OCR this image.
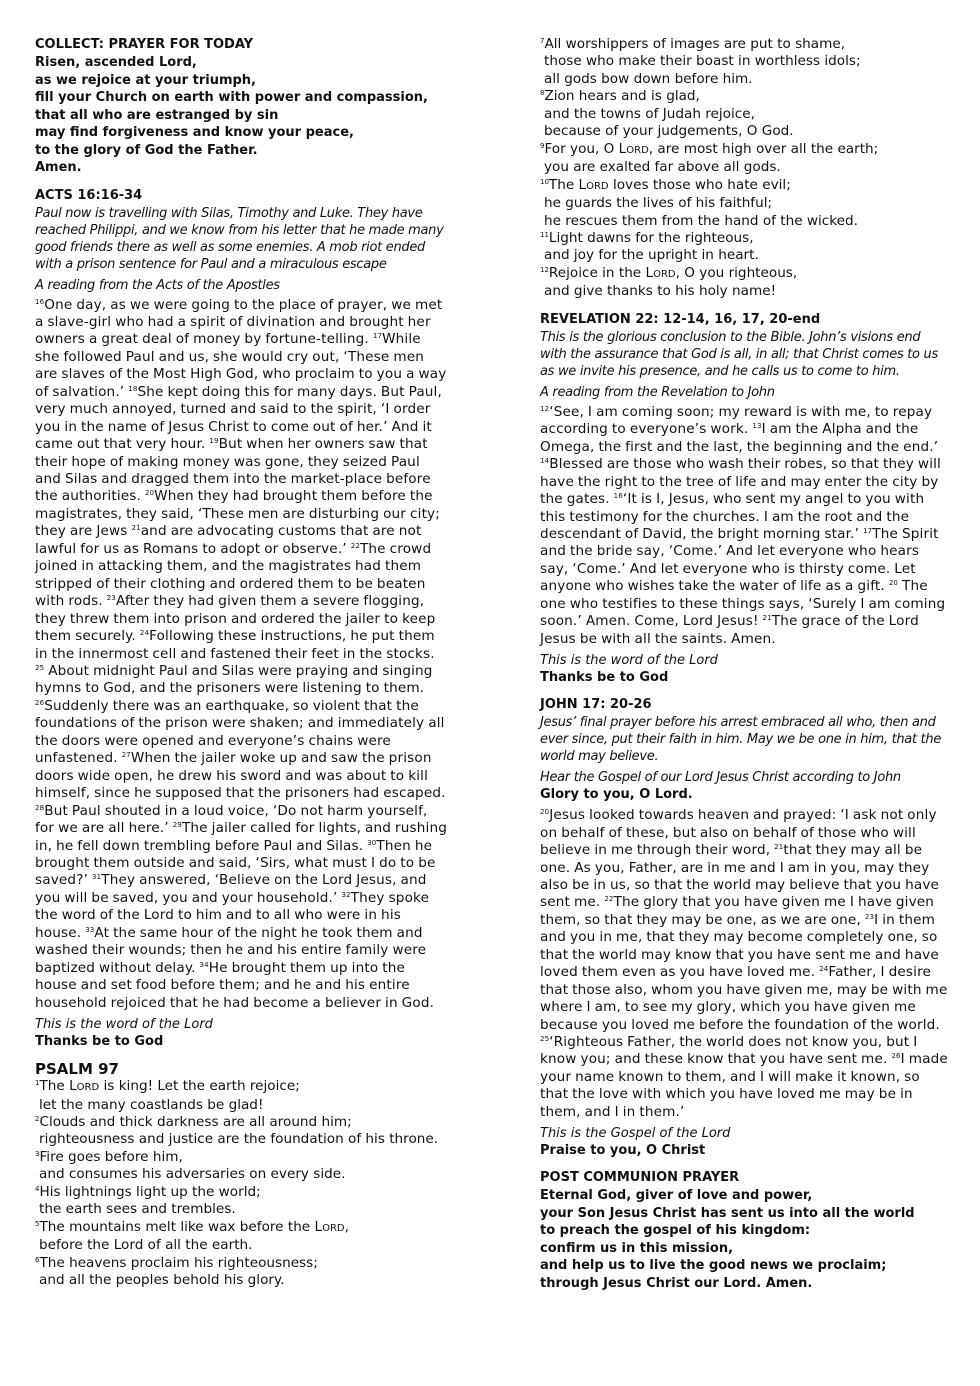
COLLECT: PRAYER FOR TODAY
Risen, ascended Lord,
as we rejoice at your triumph,
fill your Church on earth with power and compassion,
that all who are estranged by sin
may find forgiveness and know your peace,
to the glory of God the Father.
Amen.
ACTS 16:16-34

Paul now is travelling with Silas, Timothy and Luke. They have reached Philippi, and we know from his letter that he made many good friends there as well as some enemies. A mob riot ended with a prison sentence for Paul and a miraculous escape

A reading from the Acts of the Apostles

$^{16}$One day, as we were going to the place of prayer, we met a slave-girl who had a spirit of divination and brought her owners a great deal of money by fortune-telling. $^{17}$While she followed Paul and us, she would cry out, ‘These men are slaves of the Most High God, who proclaim to you a way of salvation.’ $^{18}$She kept doing this for many days. But Paul, very much annoyed, turned and said to the spirit, ‘I order you in the name of Jesus Christ to come out of her.’ And it came out that very hour. $^{19}$But when her owners saw that their hope of making money was gone, they seized Paul and Silas and dragged them into the market-place before the authorities. $^{20}$When they had brought them before the magistrates, they said, ‘These men are disturbing our city; they are Jews $^{21}$and are advocating customs that are not lawful for us as Romans to adopt or observe.’ $^{22}$The crowd joined in attacking them, and the magistrates had them stripped of their clothing and ordered them to be beaten with rods. $^{23}$After they had given them a severe flogging, they threw them into prison and ordered the jailer to keep them securely. $^{24}$Following these instructions, he put them in the innermost cell and fastened their feet in the stocks. $^{25}$ About midnight Paul and Silas were praying and singing hymns to God, and the prisoners were listening to them. $^{26}$Suddenly there was an earthquake, so violent that the foundations of the prison were shaken; and immediately all the doors were opened and everyone’s chains were unfastened. $^{27}$When the jailer woke up and saw the prison doors wide open, he drew his sword and was about to kill himself, since he supposed that the prisoners had escaped. $^{28}$But Paul shouted in a loud voice, ‘Do not harm yourself, for we are all here.’ $^{29}$The jailer called for lights, and rushing in, he fell down trembling before Paul and Silas. $^{30}$Then he brought them outside and said, ‘Sirs, what must I do to be saved?’ $^{31}$They answered, ‘Believe on the Lord Jesus, and you will be saved, you and your household.’ $^{32}$They spoke the word of the Lord to him and to all who were in his house. $^{33}$At the same hour of the night he took them and washed their wounds; then he and his entire family were baptized without delay. $^{34}$He brought them up into the house and set food before them; and he and his entire household rejoiced that he had become a believer in God.

This is the word of the Lord

Thanks be to God

PSALM 97
$^1$The LORD is king! Let the earth rejoice;
let the many coastlands be glad!
$^2$Clouds and thick darkness are all around him;
righteousness and justice are the foundation of his throne.
$^3$Fire goes before him,
and consumes his adversaries on every side.
$^4$His lightnings light up the world;
the earth sees and trembles.
$^5$The mountains melt like wax before the LORD,
before the Lord of all the earth.
$^6$The heavens proclaim his righteousness;
and all the peoples behold his glory.
$^7$All worshippers of images are put to shame,
those who make their boast in worthless idols;
all gods bow down before him.
$^8$Zion hears and is glad,
and the towns of Judah rejoice,
because of your judgements, O God.
$^9$For you, O LORD, are most high over all the earth;
you are exalted far above all gods.
$^{10}$The LORD loves those who hate evil;
he guards the lives of his faithful;
he rescues them from the hand of the wicked.
$^{11}$Light dawns for the righteous,
and joy for the upright in heart.
$^{12}$Rejoice in the LORD, O you righteous,
and give thanks to his holy name!
REVELATION 22: 12-14, 16, 17, 20-end

This is the glorious conclusion to the Bible. John’s visions end with the assurance that God is all, in all; that Christ comes to us as we invite his presence, and he calls us to come to him.

A reading from the Revelation to John

$^{12}$‘See, I am coming soon; my reward is with me, to repay according to everyone’s work. $^{13}$I am the Alpha and the Omega, the first and the last, the beginning and the end.’ $^{14}$Blessed are those who wash their robes, so that they will have the right to the tree of life and may enter the city by the gates. $^{16}$‘It is I, Jesus, who sent my angel to you with this testimony for the churches. I am the root and the descendant of David, the bright morning star.’ $^{17}$The Spirit and the bride say, ‘Come.’ And let everyone who hears say, ‘Come.’ And let everyone who is thirsty come. Let anyone who wishes take the water of life as a gift. $^{20}$ The one who testifies to these things says, ‘Surely I am coming soon.’ Amen. Come, Lord Jesus! $^{21}$The grace of the Lord Jesus be with all the saints. Amen.

This is the word of the Lord

Thanks be to God

JOHN 17: 20-26

Jesus’ final prayer before his arrest embraced all who, then and ever since, put their faith in him. May we be one in him, that the world may believe.

Hear the Gospel of our Lord Jesus Christ according to John

Glory to you, O Lord.

$^{20}$Jesus looked towards heaven and prayed: ‘I ask not only on behalf of these, but also on behalf of those who will believe in me through their word, $^{21}$that they may all be one. As you, Father, are in me and I am in you, may they also be in us, so that the world may believe that you have sent me. $^{22}$The glory that you have given me I have given them, so that they may be one, as we are one, $^{23}$I in them and you in me, that they may become completely one, so that the world may know that you have sent me and have loved them even as you have loved me. $^{24}$Father, I desire that those also, whom you have given me, may be with me where I am, to see my glory, which you have given me because you loved me before the foundation of the world. $^{25}$‘Righteous Father, the world does not know you, but I know you; and these know that you have sent me. $^{26}$I made your name known to them, and I will make it known, so that the love with which you have loved me may be in them, and I in them.’

This is the Gospel of the Lord

Praise to you, O Christ

POST COMMUNION PRAYER
Eternal God, giver of love and power,
your Son Jesus Christ has sent us into all the world
to preach the gospel of his kingdom:
confirm us in this mission,
and help us to live the good news we proclaim;
through Jesus Christ our Lord. Amen.
